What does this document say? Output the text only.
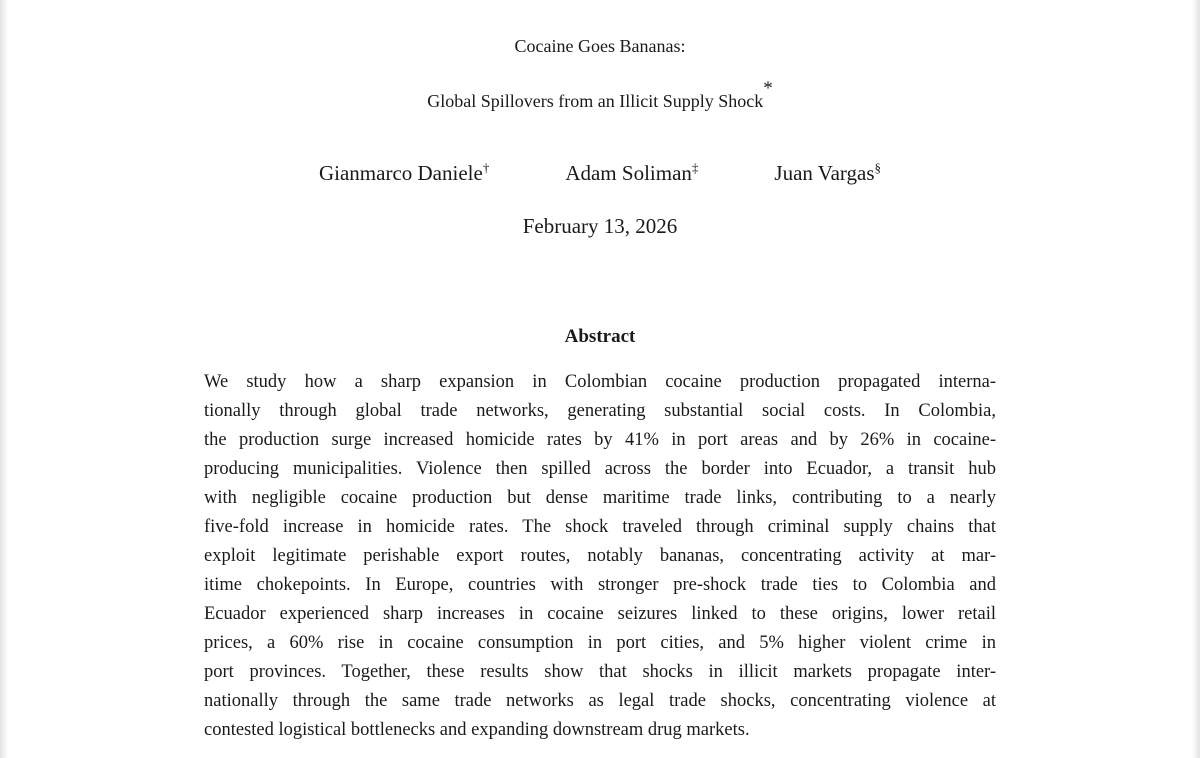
Cocaine Goes Bananas:
Global Spillovers from an Illicit Supply Shock*
Gianmarco Daniele†	Adam Soliman‡	Juan Vargas§
February 13, 2026
Abstract
We study how a sharp expansion in Colombian cocaine production propagated interna-
tionally through global trade networks, generating substantial social costs. In Colombia,
the production surge increased homicide rates by 41% in port areas and by 26% in cocaine-
producing municipalities. Violence then spilled across the border into Ecuador, a transit hub
with negligible cocaine production but dense maritime trade links, contributing to a nearly
five-fold increase in homicide rates. The shock traveled through criminal supply chains that
exploit legitimate perishable export routes, notably bananas, concentrating activity at mar-
itime chokepoints. In Europe, countries with stronger pre-shock trade ties to Colombia and
Ecuador experienced sharp increases in cocaine seizures linked to these origins, lower retail
prices, a 60% rise in cocaine consumption in port cities, and 5% higher violent crime in
port provinces. Together, these results show that shocks in illicit markets propagate inter-
nationally through the same trade networks as legal trade shocks, concentrating violence at
contested logistical bottlenecks and expanding downstream drug markets.
